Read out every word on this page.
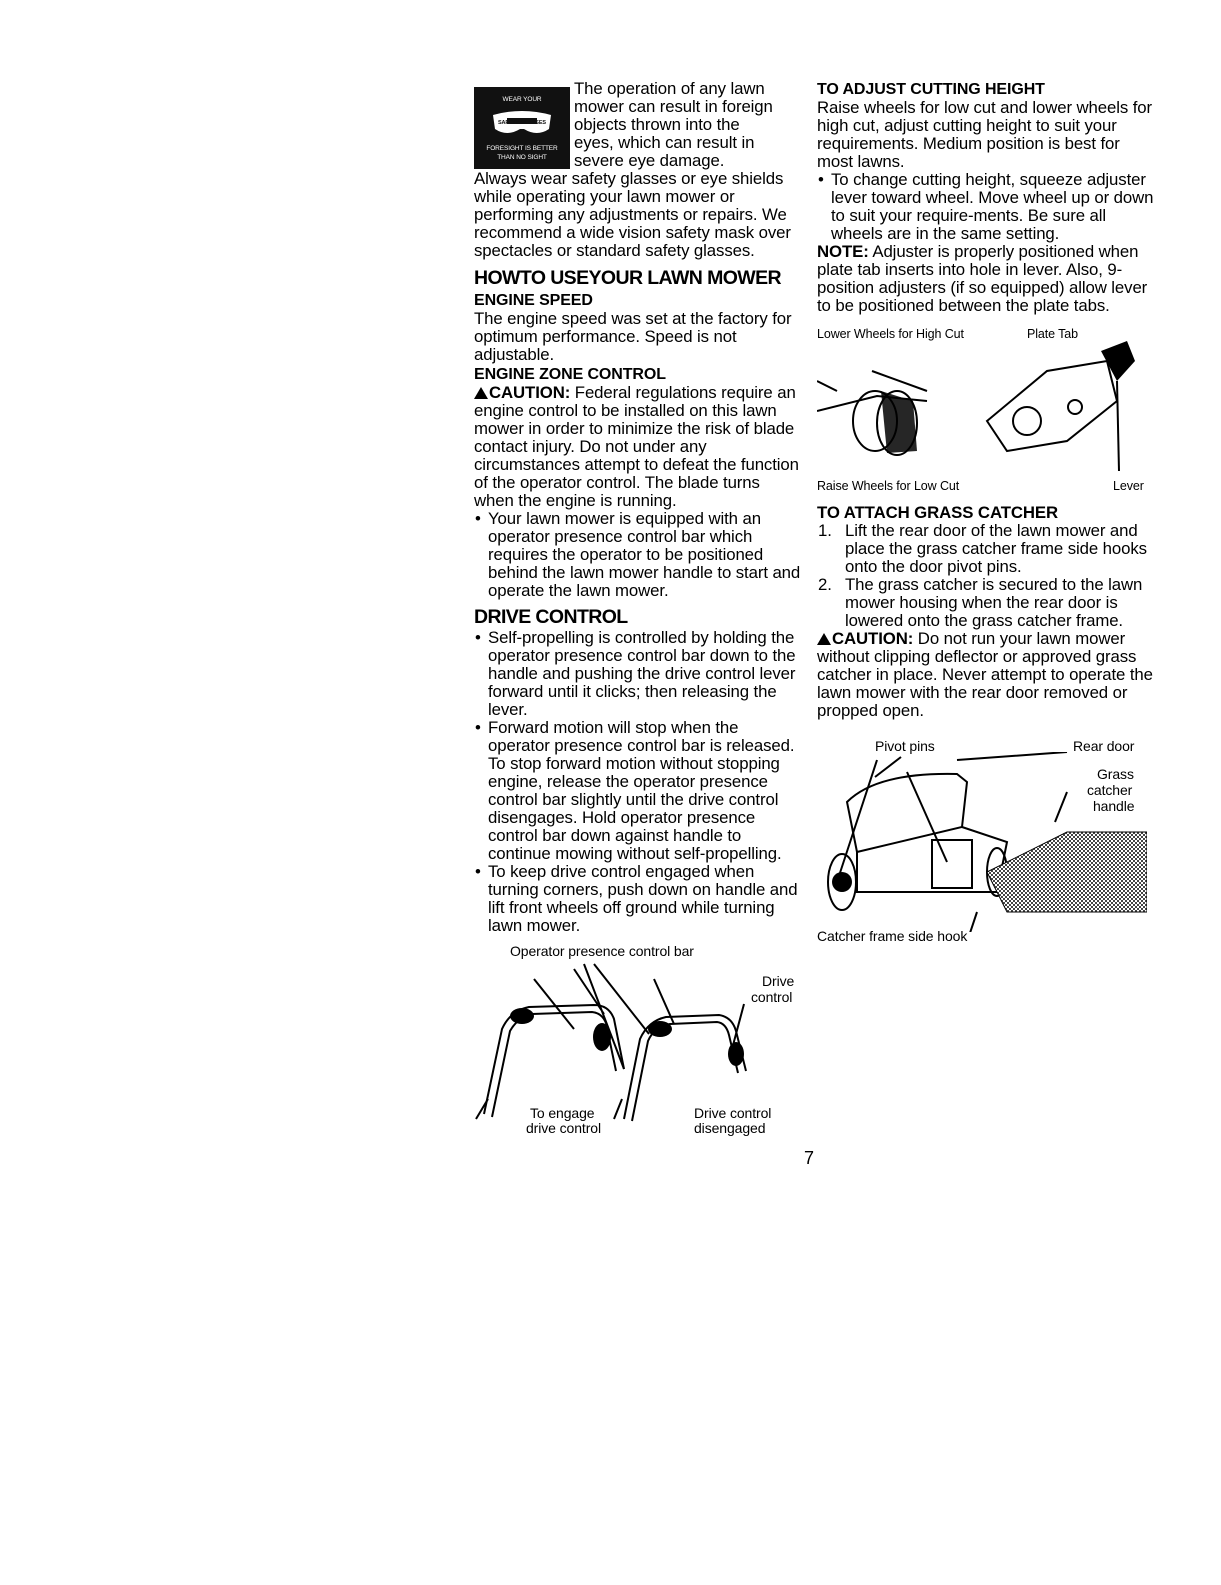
WEAR YOUR
SAFETY GLASSES
FORESIGHT IS BETTER
THAN NO SIGHT

The operation of any lawn

mower can result in foreign

objects thrown into the

eyes, which can result in

severe eye damage.

Always wear safety glasses or eye shields while operating your lawn mower or performing any adjustments or repairs. We recommend a wide vision safety mask over spectacles or standard safety glasses.

HOWTO USEYOUR LAWN MOWER

ENGINE SPEED

The engine speed was set at the factory for optimum performance. Speed is not adjustable.

ENGINE ZONE CONTROL

CAUTION: Federal regulations require an engine control to be installed on this lawn mower in order to minimize the risk of blade contact injury. Do not under any circumstances attempt to defeat the function of the operator control. The blade turns when the engine is running.

• Your lawn mower is equipped with an operator presence control bar which requires the operator to be positioned behind the lawn mower handle to start and operate the lawn mower.

DRIVE CONTROL

• Self-propelling is controlled by holding the operator presence control bar down to the handle and pushing the drive control lever forward until it clicks; then releasing the lever.

• Forward motion will stop when the operator presence control bar is released. To stop forward motion without stopping engine, release the operator presence control bar slightly until the drive control disengages. Hold operator presence control bar down against handle to continue mowing without self-propelling.

• To keep drive control engaged when turning corners, push down on handle and lift front wheels off ground while turning lawn mower.

Operator presence control bar
Drive
control
To engage
drive control
Drive control
disengaged
7

TO ADJUST CUTTING HEIGHT

Raise wheels for low cut and lower wheels for high cut, adjust cutting height to suit your requirements. Medium position is best for most lawns.

• To change cutting height, squeeze adjuster lever toward wheel. Move wheel up or down to suit your require-ments. Be sure all wheels are in the same setting.

NOTE: Adjuster is properly positioned when plate tab inserts into hole in lever. Also, 9-position adjusters (if so equipped) allow lever to be positioned between the plate tabs.

Lower Wheels for High Cut	Plate Tab
Raise Wheels for Low Cut	Lever

TO ATTACH GRASS CATCHER

1. Lift the rear door of the lawn mower and place the grass catcher frame side hooks onto the door pivot pins.

2. The grass catcher is secured to the lawn mower housing when the rear door is lowered onto the grass catcher frame.

CAUTION: Do not run your lawn mower without clipping deflector or approved grass catcher in place. Never attempt to operate the lawn mower with the rear door removed or propped open.

Pivot pins	Rear door
Grass
catcher
handle
Catcher frame side hook
